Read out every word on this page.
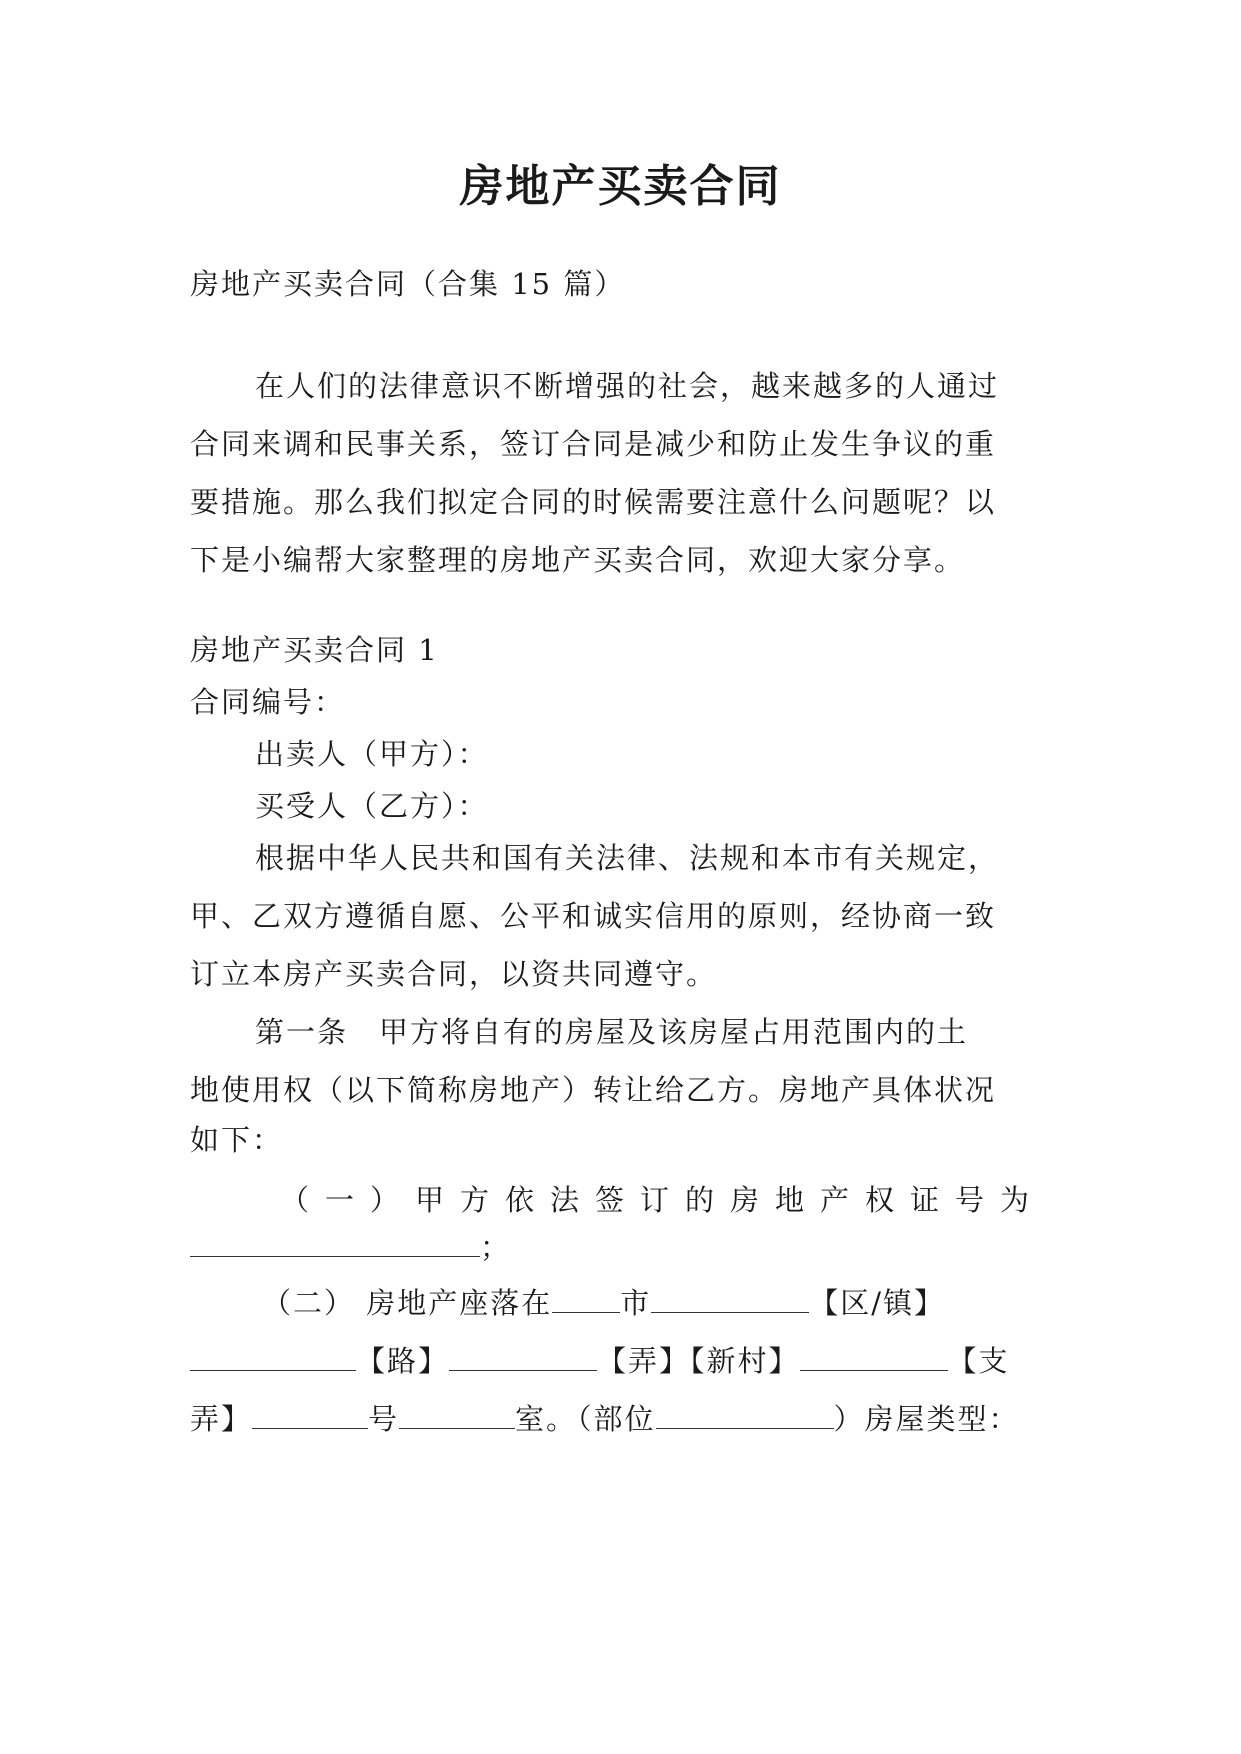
房地产买卖合同
房地产买卖合同（合集 15 篇）
在人们的法律意识不断增强的社会，越来越多的人通过
合同来调和民事关系，签订合同是减少和防止发生争议的重
要措施。那么我们拟定合同的时候需要注意什么问题呢？以
下是小编帮大家整理的房地产买卖合同，欢迎大家分享。
房地产买卖合同 1
合同编号：
出卖人（甲方）：
买受人（乙方）：
根据中华人民共和国有关法律、法规和本市有关规定，
甲、乙双方遵循自愿、公平和诚实信用的原则，经协商一致
订立本房产买卖合同，以资共同遵守。
第一条　甲方将自有的房屋及该房屋占用范围内的土
地使用权（以下简称房地产）转让给乙方。房地产具体状况
如下：
（一）甲方依法签订的房地产权证号为
；
（二） 房地产座落在 市	【区/镇】
【路】	【弄】【新村】	【支
弄】	号	室。（部位	）房屋类型：
